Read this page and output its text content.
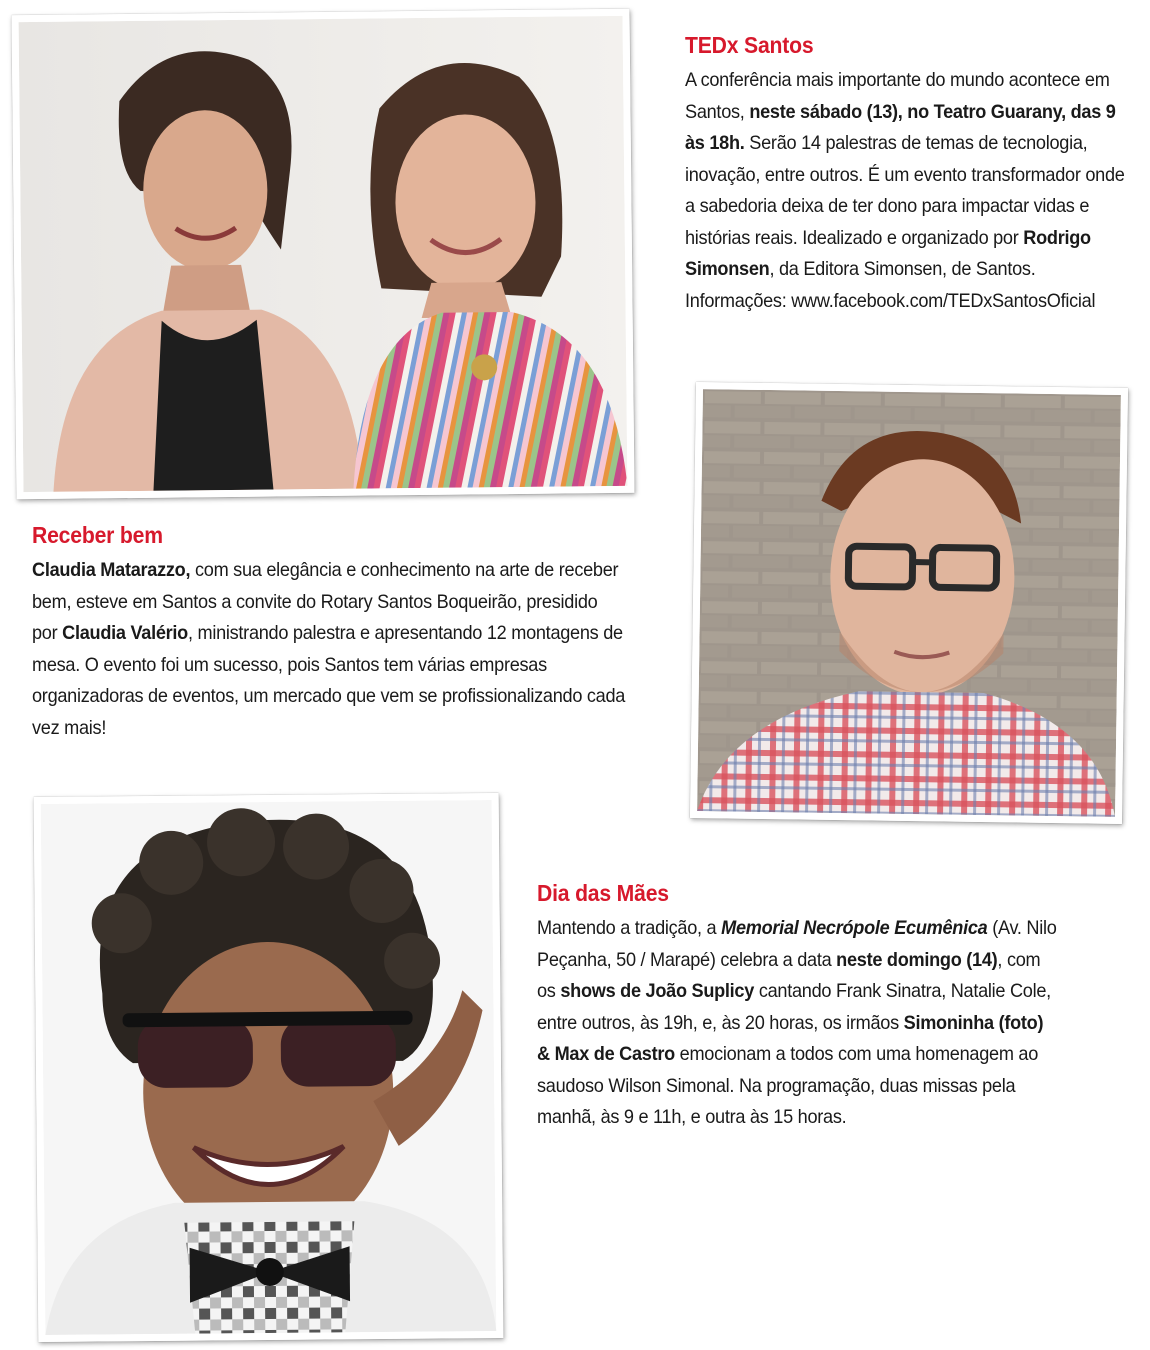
TEDx Santos

A conferência mais importante do mundo acontece em Santos, neste sábado (13), no Teatro Guarany, das 9 às 18h. Serão 14 palestras de temas de tecnologia, inovação, entre outros. É um evento transformador onde a sabedoria deixa de ter dono para impactar vidas e histórias reais. Idealizado e organizado por Rodrigo Simonsen, da Editora Simonsen, de Santos. Informações: www.facebook.com/TEDxSantosOficial

Receber bem

Claudia Matarazzo, com sua elegância e conhecimento na arte de receber bem, esteve em Santos a convite do Rotary Santos Boqueirão, presidido por Claudia Valério, ministrando palestra e apresentando 12 montagens de mesa. O evento foi um sucesso, pois Santos tem várias empresas organizadoras de eventos, um mercado que vem se profissionalizando cada vez mais!

Dia das Mães

Mantendo a tradição, a Memorial Necrópole Ecumênica (Av. Nilo Peçanha, 50 / Marapé) celebra a data neste domingo (14), com os shows de João Suplicy cantando Frank Sinatra, Natalie Cole, entre outros, às 19h, e, às 20 horas, os irmãos Simoninha (foto) & Max de Castro emocionam a todos com uma homenagem ao saudoso Wilson Simonal. Na programação, duas missas pela manhã, às 9 e 11h, e outra às 15 horas.
